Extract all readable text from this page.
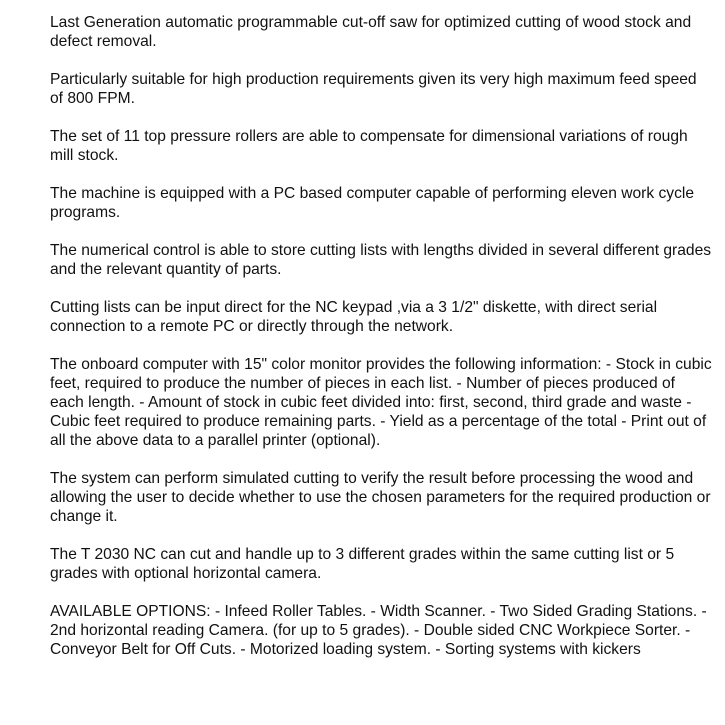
Last Generation automatic programmable cut-off saw for optimized cutting of wood stock and defect removal.

Particularly suitable for high production requirements given its very high maximum feed speed of 800 FPM.

The set of 11 top pressure rollers are able to compensate for dimensional variations of rough mill stock.

The machine is equipped with a PC based computer capable of performing eleven work cycle programs.

The numerical control is able to store cutting lists with lengths divided in several different grades and the relevant quantity of parts.

Cutting lists can be input direct for the NC keypad ,via a 3 1/2" diskette, with direct serial connection to a remote PC or directly through the network.

The onboard computer with 15" color monitor provides the following information: - Stock in cubic feet, required to produce the number of pieces in each list. - Number of pieces produced of each length. - Amount of stock in cubic feet divided into: first, second, third grade and waste - Cubic feet required to produce remaining parts. - Yield as a percentage of the total - Print out of all the above data to a parallel printer (optional).

The system can perform simulated cutting to verify the result before processing the wood and allowing the user to decide whether to use the chosen parameters for the required production or change it.

The T 2030 NC can cut and handle up to 3 different grades within the same cutting list or 5 grades with optional horizontal camera.

AVAILABLE OPTIONS: - Infeed Roller Tables. - Width Scanner. - Two Sided Grading Stations. - 2nd horizontal reading Camera. (for up to 5 grades). - Double sided CNC Workpiece Sorter. - Conveyor Belt for Off Cuts. - Motorized loading system. - Sorting systems with kickers
